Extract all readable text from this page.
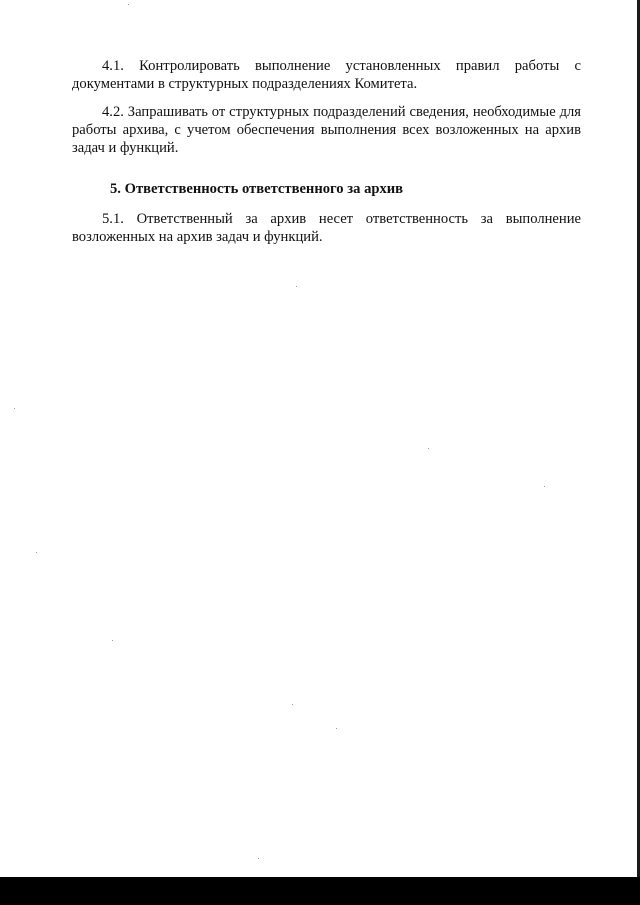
4.1. Контролировать выполнение установленных правил работы с документами в структурных подразделениях Комитета.

4.2. Запрашивать от структурных подразделений сведения, необходимые для работы архива, с учетом обеспечения выполнения всех возложенных на архив задач и функций.

5. Ответственность ответственного за архив

5.1. Ответственный за архив несет ответственность за выполнение возложенных на архив задач и функций.
